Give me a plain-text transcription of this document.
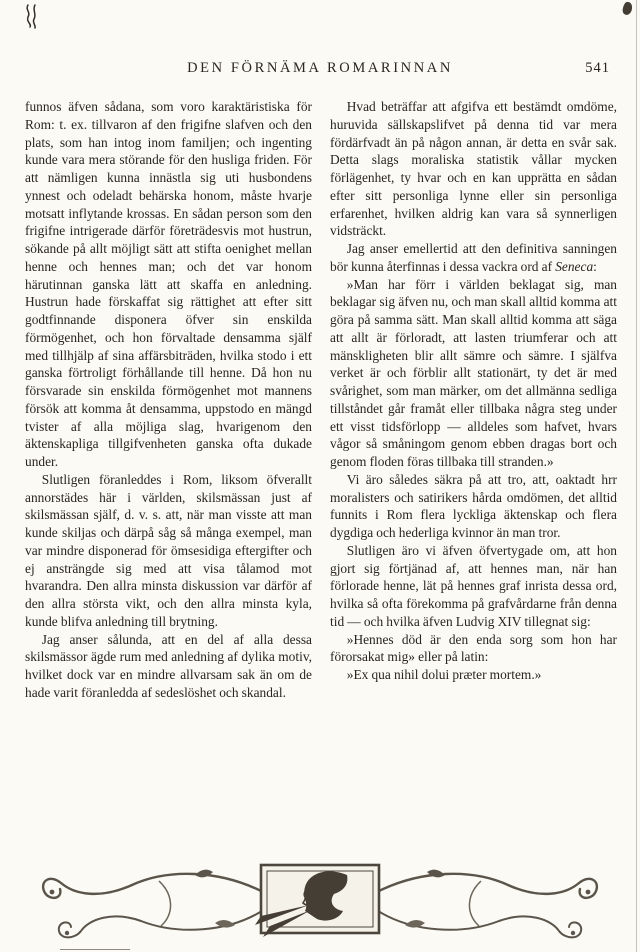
DEN FÖRNÄMA ROMARINNAN	541

funnos äfven sådana, som voro karaktäristiska för Rom: t. ex. tillvaron af den frigifne slafven och den plats, som han intog inom familjen; och ingenting kunde vara mera störande för den husliga friden. För att nämligen kunna innästla sig uti husbondens ynnest och odeladt behärska honom, måste hvarje motsatt inflytande krossas. En sådan person som den frigifne intrigerade därför företrädesvis mot hustrun, sökande på allt möjligt sätt att stifta oenighet mellan henne och hennes man; och det var honom härutinnan ganska lätt att skaffa en anledning. Hustrun hade förskaffat sig rättighet att efter sitt godtfinnande disponera öfver sin enskilda förmögenhet, och hon förvaltade densamma själf med tillhjälp af sina affärsbiträden, hvilka stodo i ett ganska förtroligt förhållande till henne. Då hon nu försvarade sin enskilda förmögenhet mot mannens försök att komma åt densamma, uppstodo en mängd tvister af alla möjliga slag, hvarigenom den äktenskapliga tillgifvenheten ganska ofta dukade under.

Slutligen föranleddes i Rom, liksom öfverallt annorstädes här i världen, skilsmässan just af skilsmässan själf, d. v. s. att, när man visste att man kunde skiljas och därpå såg så många exempel, man var mindre disponerad för ömsesidiga eftergifter och ej ansträngde sig med att visa tålamod mot hvarandra. Den allra minsta diskussion var därför af den allra största vikt, och den allra minsta kyla, kunde blifva anledning till brytning.

Jag anser sålunda, att en del af alla dessa skilsmässor ägde rum med anledning af dylika motiv, hvilket dock var en mindre allvarsam sak än om de hade varit föranledda af sedeslöshet och skandal.

Hvad beträffar att afgifva ett bestämdt omdöme, huruvida sällskapslifvet på denna tid var mera fördärfvadt än på någon annan, är detta en svår sak. Detta slags moraliska statistik vållar mycken förlägenhet, ty hvar och en kan upprätta en sådan efter sitt personliga lynne eller sin personliga erfarenhet, hvilken aldrig kan vara så synnerligen vidsträckt.

Jag anser emellertid att den definitiva sanningen bör kunna återfinnas i dessa vackra ord af Seneca:

»Man har förr i världen beklagat sig, man beklagar sig äfven nu, och man skall alltid komma att göra på samma sätt. Man skall alltid komma att säga att allt är förloradt, att lasten triumferar och att mänskligheten blir allt sämre och sämre. I själfva verket är och förblir allt stationärt, ty det är med svårighet, som man märker, om det allmänna sedliga tillståndet går framåt eller tillbaka några steg under ett visst tidsförlopp — alldeles som hafvet, hvars vågor så småningom genom ebben dragas bort och genom floden föras tillbaka till stranden.»

Vi äro således säkra på att tro, att, oaktadt hrr moralisters och satirikers hårda omdömen, det alltid funnits i Rom flera lyckliga äktenskap och flera dygdiga och hederliga kvinnor än man tror.

Slutligen äro vi äfven öfvertygade om, att hon gjort sig förtjänad af, att hennes man, när han förlorade henne, lät på hennes graf inrista dessa ord, hvilka så ofta förekomma på grafvårdarne från denna tid — och hvilka äfven Ludvig XIV tillegnat sig:

»Hennes död är den enda sorg som hon har förorsakat mig» eller på latin:

»Ex qua nihil dolui præter mortem.»
